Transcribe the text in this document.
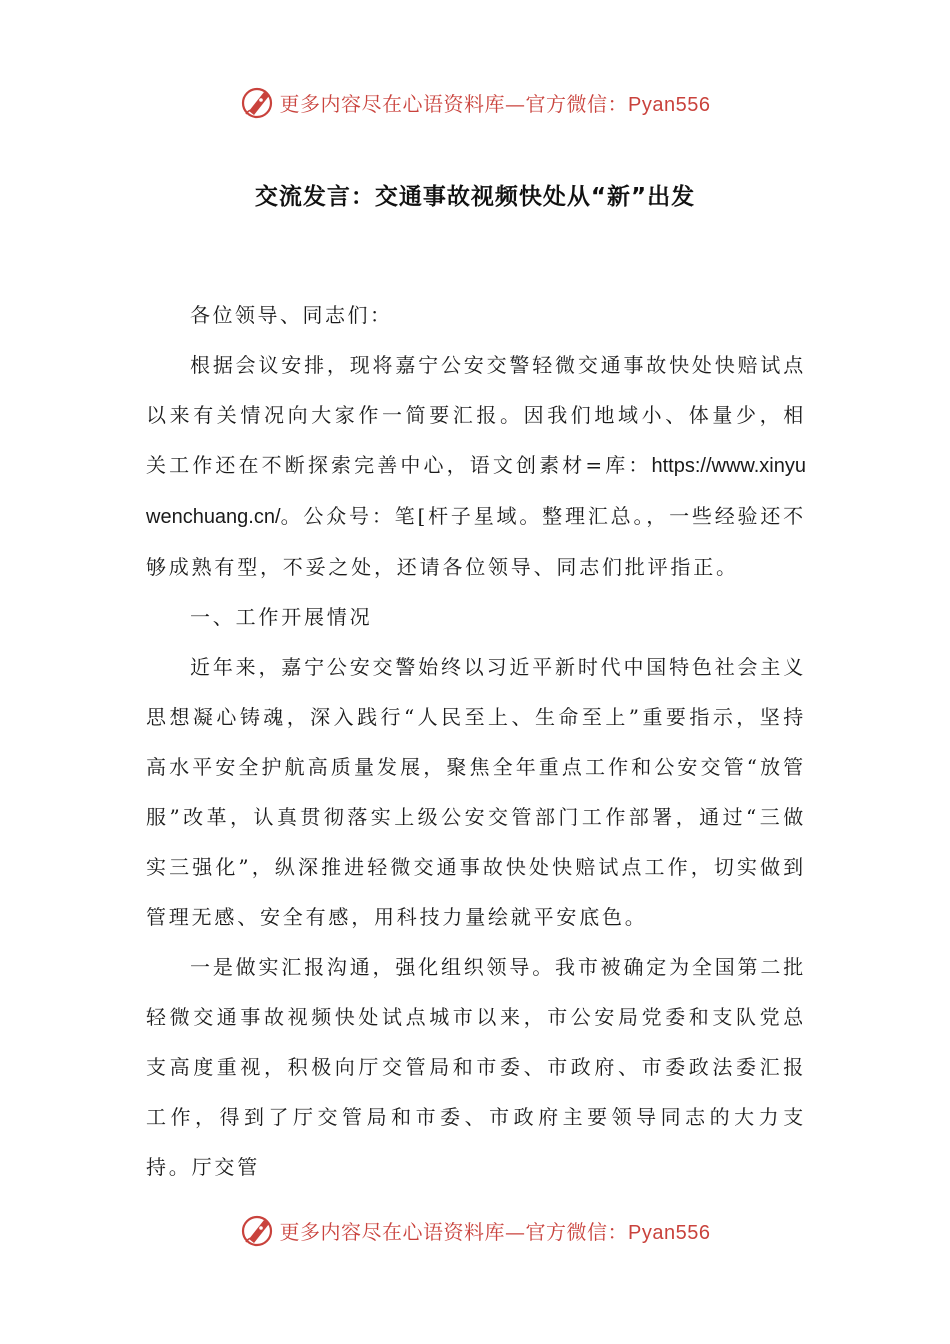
更多内容尽在心语资料库—官方微信：Pyan556
交流发言：交通事故视频快处从“新”出发

各位领导、同志们：

根据会议安排，现将嘉宁公安交警轻微交通事故快处快赔试点以来有关情况向大家作一简要汇报。因我们地域小、体量少，相关工作还在不断探索完善中心，语文创素材=库：https://www.xinyuwenchuang.cn/。公众号：笔[杆子星域。整理汇总。，一些经验还不够成熟有型，不妥之处，还请各位领导、同志们批评指正。

一、工作开展情况

近年来，嘉宁公安交警始终以习近平新时代中国特色社会主义思想凝心铸魂，深入践行“人民至上、生命至上”重要指示，坚持高水平安全护航高质量发展，聚焦全年重点工作和公安交管“放管服”改革，认真贯彻落实上级公安交管部门工作部署，通过“三做实三强化”，纵深推进轻微交通事故快处快赔试点工作，切实做到管理无感、安全有感，用科技力量绘就平安底色。

一是做实汇报沟通，强化组织领导。我市被确定为全国第二批轻微交通事故视频快处试点城市以来，市公安局党委和支队党总支高度重视，积极向厅交管局和市委、市政府、市委政法委汇报工作，得到了厅交管局和市委、市政府主要领导同志的大力支持。厅交管

更多内容尽在心语资料库—官方微信：Pyan556
